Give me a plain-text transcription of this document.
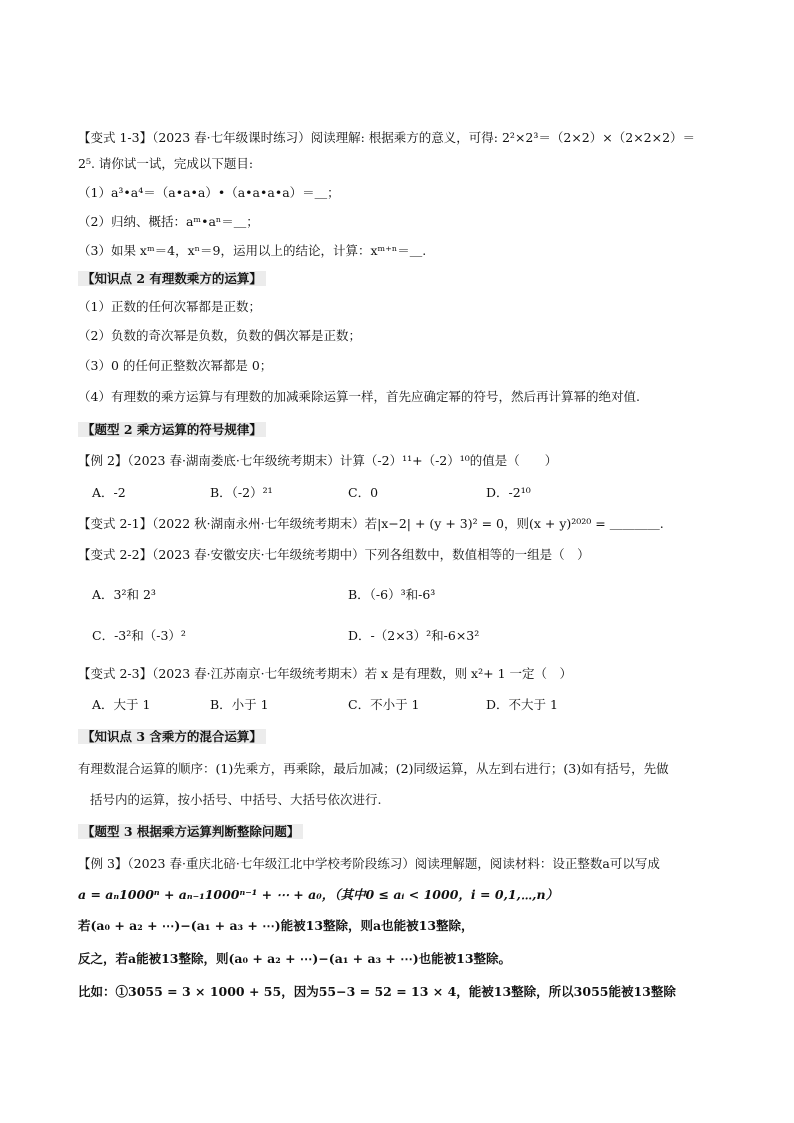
【变式 1-3】（2023 春·七年级课时练习）阅读理解: 根据乘方的意义，可得: 2²×2³＝（2×2）×（2×2×2）＝
2⁵. 请你试一试，完成以下题目:
（1）a³•a⁴＝（a•a•a）•（a•a•a•a）＝＿；
（2）归纳、概括：aᵐ•aⁿ＝＿；
（3）如果 xᵐ＝4，xⁿ＝9，运用以上的结论，计算：xᵐ⁺ⁿ＝＿.
【知识点 2 有理数乘方的运算】
（1）正数的任何次幂都是正数；
（2）负数的奇次幂是负数，负数的偶次幂是正数；
（3）0 的任何正整数次幂都是 0；
（4）有理数的乘方运算与有理数的加减乘除运算一样，首先应确定幂的符号，然后再计算幂的绝对值.
【题型 2 乘方运算的符号规律】
【例 2】（2023 春·湖南娄底·七年级统考期末）计算（-2）¹¹+（-2）¹⁰的值是（　　）
A．-2	B．（-2）²¹	C．0	D．-2¹⁰
【变式 2-1】（2022 秋·湖南永州·七年级统考期末）若|x−2| + (y + 3)² = 0，则(x + y)²⁰²⁰ = ＿＿＿＿.
【变式 2-2】（2023 春·安徽安庆·七年级统考期中）下列各组数中，数值相等的一组是（　）
A．3²和 2³	B．（-6）³和-6³
C．-3²和（-3）²	D．-（2×3）²和-6×3²
【变式 2-3】（2023 春·江苏南京·七年级统考期末）若 x 是有理数，则 x²+ 1 一定（　）
A．大于 1	B．小于 1	C．不小于 1	D．不大于 1
【知识点 3 含乘方的混合运算】
有理数混合运算的顺序：(1)先乘方，再乘除，最后加减；(2)同级运算，从左到右进行；(3)如有括号，先做
括号内的运算，按小括号、中括号、大括号依次进行.
【题型 3 根据乘方运算判断整除问题】
【例 3】（2023 春·重庆北碚·七年级江北中学校考阶段练习）阅读理解题，阅读材料：设正整数a可以写成
a = aₙ1000ⁿ + aₙ₋₁1000ⁿ⁻¹ + ⋯ + a₀，（其中0 ≤ aᵢ < 1000，i = 0,1,⋯,n）
若(a₀ + a₂ + ⋯)−(a₁ + a₃ + ⋯)能被13整除，则a也能被13整除，
反之，若a能被13整除，则(a₀ + a₂ + ⋯)−(a₁ + a₃ + ⋯)也能被13整除。
比如：①3055 = 3 × 1000 + 55，因为55−3 = 52 = 13 × 4，能被13整除，所以3055能被13整除
